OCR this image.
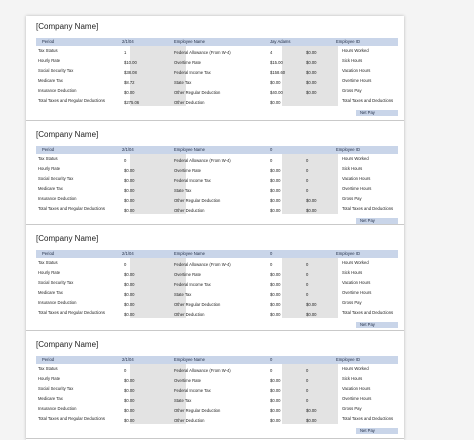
[Company Name]
Period	2/1/04	Employee Name	Jay Adams	Employee ID
Tax Status	1	Federal Allowance (From W-4)	4	$0.00	Hours Worked
Hourly Rate	$10.00	Overtime Rate	$15.00	$0.00	Sick Hours
Social Security Tax	$38.08	Federal Income Tax	$158.60	$0.00	Vacation Hours
Medicare Tax	$8.72	State Tax	$0.00	$0.00	Overtime Hours
Insurance Deduction	$0.00	Other Regular Deduction	$40.00	$0.00	Gross Pay
Total Taxes and Regular Deductions	$275.06	Other Deduction	$0.00	Total Taxes and Deductions
Net Pay
[Company Name]
Period	2/1/04	Employee Name	0	Employee ID
Tax Status	0	Federal Allowance (From W-4)	0	0	Hours Worked
Hourly Rate	$0.00	Overtime Rate	$0.00	0	Sick Hours
Social Security Tax	$0.00	Federal Income Tax	$0.00	0	Vacation Hours
Medicare Tax	$0.00	State Tax	$0.00	0	Overtime Hours
Insurance Deduction	$0.00	Other Regular Deduction	$0.00	$0.00	Gross Pay
Total Taxes and Regular Deductions	$0.00	Other Deduction	$0.00	$0.00	Total Taxes and Deductions
Net Pay
[Company Name]
Period	2/1/04	Employee Name	0	Employee ID
Tax Status	0	Federal Allowance (From W-4)	0	0	Hours Worked
Hourly Rate	$0.00	Overtime Rate	$0.00	0	Sick Hours
Social Security Tax	$0.00	Federal Income Tax	$0.00	0	Vacation Hours
Medicare Tax	$0.00	State Tax	$0.00	0	Overtime Hours
Insurance Deduction	$0.00	Other Regular Deduction	$0.00	$0.00	Gross Pay
Total Taxes and Regular Deductions	$0.00	Other Deduction	$0.00	$0.00	Total Taxes and Deductions
Net Pay
[Company Name]
Period	2/1/04	Employee Name	0	Employee ID
Tax Status	0	Federal Allowance (From W-4)	0	0	Hours Worked
Hourly Rate	$0.00	Overtime Rate	$0.00	0	Sick Hours
Social Security Tax	$0.00	Federal Income Tax	$0.00	0	Vacation Hours
Medicare Tax	$0.00	State Tax	$0.00	0	Overtime Hours
Insurance Deduction	$0.00	Other Regular Deduction	$0.00	$0.00	Gross Pay
Total Taxes and Regular Deductions	$0.00	Other Deduction	$0.00	$0.00	Total Taxes and Deductions
Net Pay
